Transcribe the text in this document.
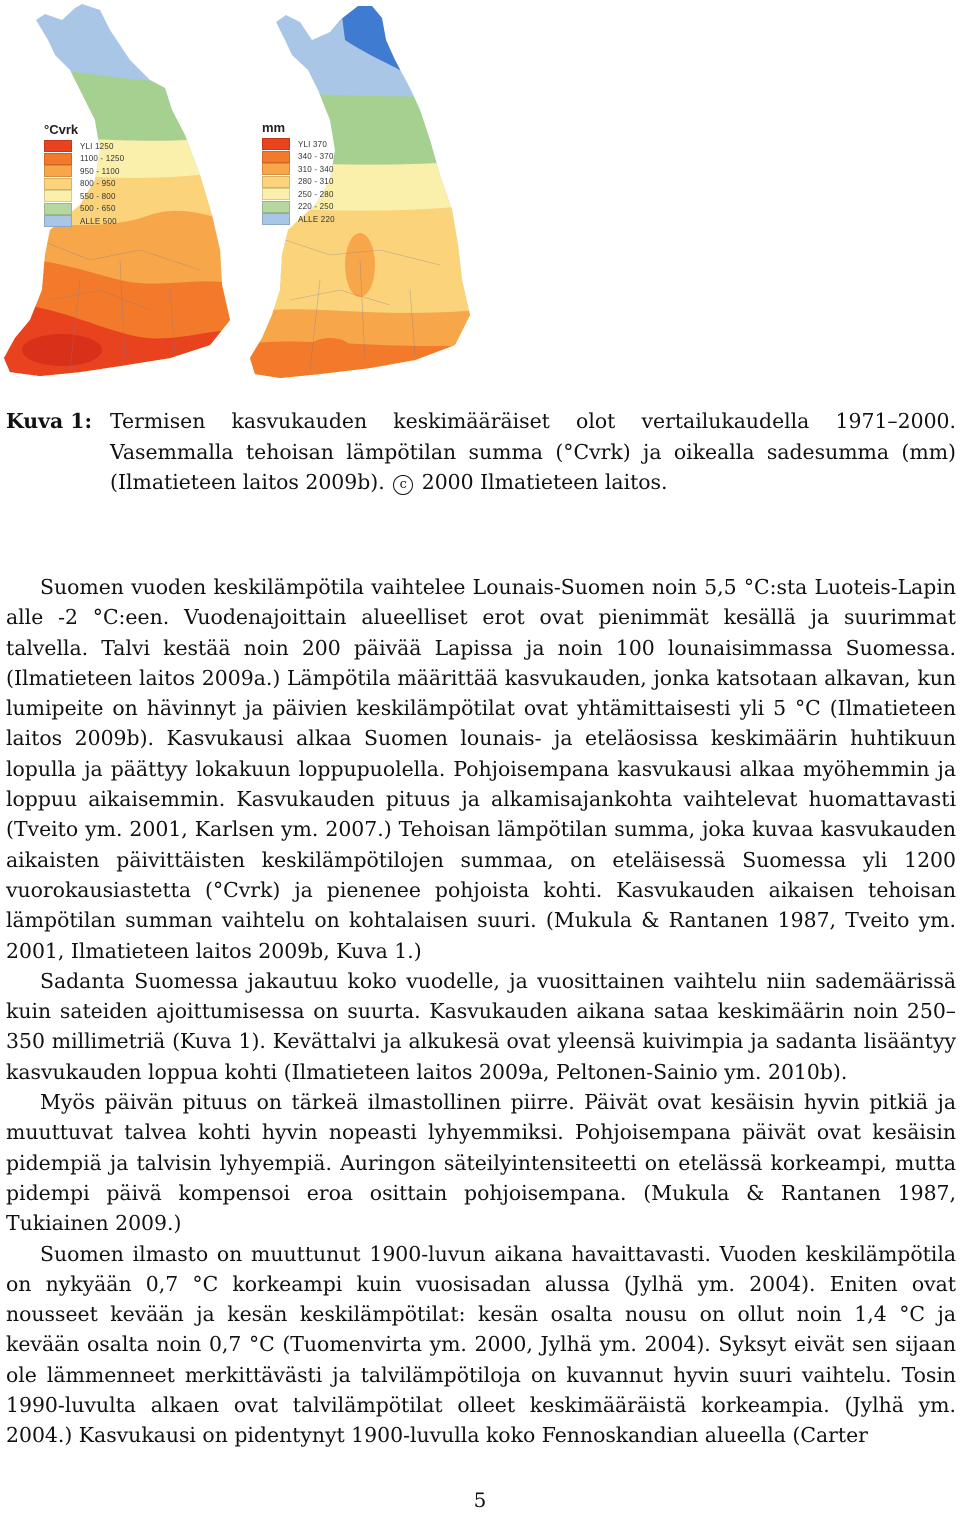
°Cvrk
YLI 1250
1100 - 1250
950 - 1100
800 - 950
550 - 800
500 - 650
ALLE 500
mm
YLI 370
340 - 370
310 - 340
280 - 310
250 - 280
220 - 250
ALLE 220
Kuva 1: Termisen kasvukauden keskimääräiset olot vertailukaudella 1971–2000. Vasemmalla tehoisan lämpötilan summa (°Cvrk) ja oikealla sadesumma (mm) (Ilmatieteen laitos 2009b). c 2000 Ilmatieteen laitos.

Suomen vuoden keskilämpötila vaihtelee Lounais-Suomen noin 5,5 °C:sta Luoteis-Lapin alle -2 °C:een. Vuodenajoittain alueelliset erot ovat pienimmät kesällä ja suurimmat talvella. Talvi kestää noin 200 päivää Lapissa ja noin 100 lounaisimmassa Suomessa. (Ilmatieteen laitos 2009a.) Lämpötila määrittää kasvukauden, jonka katsotaan alkavan, kun lumipeite on hävinnyt ja päivien keskilämpötilat ovat yhtämittaisesti yli 5 °C (Ilmatieteen laitos 2009b). Kasvukausi alkaa Suomen lounais- ja eteläosissa keskimäärin huhtikuun lopulla ja päättyy lokakuun loppupuolella. Pohjoisempana kasvukausi alkaa myöhemmin ja loppuu aikaisemmin. Kasvukauden pituus ja alkamisajankohta vaihtelevat huomattavasti (Tveito ym. 2001, Karlsen ym. 2007.) Tehoisan lämpötilan summa, joka kuvaa kasvukauden aikaisten päivittäisten keskilämpötilojen summaa, on eteläisessä Suomessa yli 1200 vuorokausiastetta (°Cvrk) ja pienenee pohjoista kohti. Kasvukauden aikaisen tehoisan lämpötilan summan vaihtelu on kohtalaisen suuri. (Mukula & Rantanen 1987, Tveito ym. 2001, Ilmatieteen laitos 2009b, Kuva 1.)

Sadanta Suomessa jakautuu koko vuodelle, ja vuosittainen vaihtelu niin sademäärissä kuin sateiden ajoittumisessa on suurta. Kasvukauden aikana sataa keskimäärin noin 250–350 millimetriä (Kuva 1). Kevättalvi ja alkukesä ovat yleensä kuivimpia ja sadanta lisääntyy kasvukauden loppua kohti (Ilmatieteen laitos 2009a, Peltonen-Sainio ym. 2010b).

Myös päivän pituus on tärkeä ilmastollinen piirre. Päivät ovat kesäisin hyvin pitkiä ja muuttuvat talvea kohti hyvin nopeasti lyhyemmiksi. Pohjoisempana päivät ovat kesäisin pidempiä ja talvisin lyhyempiä. Auringon säteilyintensiteetti on etelässä korkeampi, mutta pidempi päivä kompensoi eroa osittain pohjoisempana. (Mukula & Rantanen 1987, Tukiainen 2009.)

Suomen ilmasto on muuttunut 1900-luvun aikana havaittavasti. Vuoden keskilämpötila on nykyään 0,7 °C korkeampi kuin vuosisadan alussa (Jylhä ym. 2004). Eniten ovat nousseet kevään ja kesän keskilämpötilat: kesän osalta nousu on ollut noin 1,4 °C ja kevään osalta noin 0,7 °C (Tuomenvirta ym. 2000, Jylhä ym. 2004). Syksyt eivät sen sijaan ole lämmenneet merkittävästi ja talvilämpötiloja on kuvannut hyvin suuri vaihtelu. Tosin 1990-luvulta alkaen ovat talvilämpötilat olleet keskimääräistä korkeampia. (Jylhä ym. 2004.) Kasvukausi on pidentynyt 1900-luvulla koko Fennoskandian alueella (Carter

5
